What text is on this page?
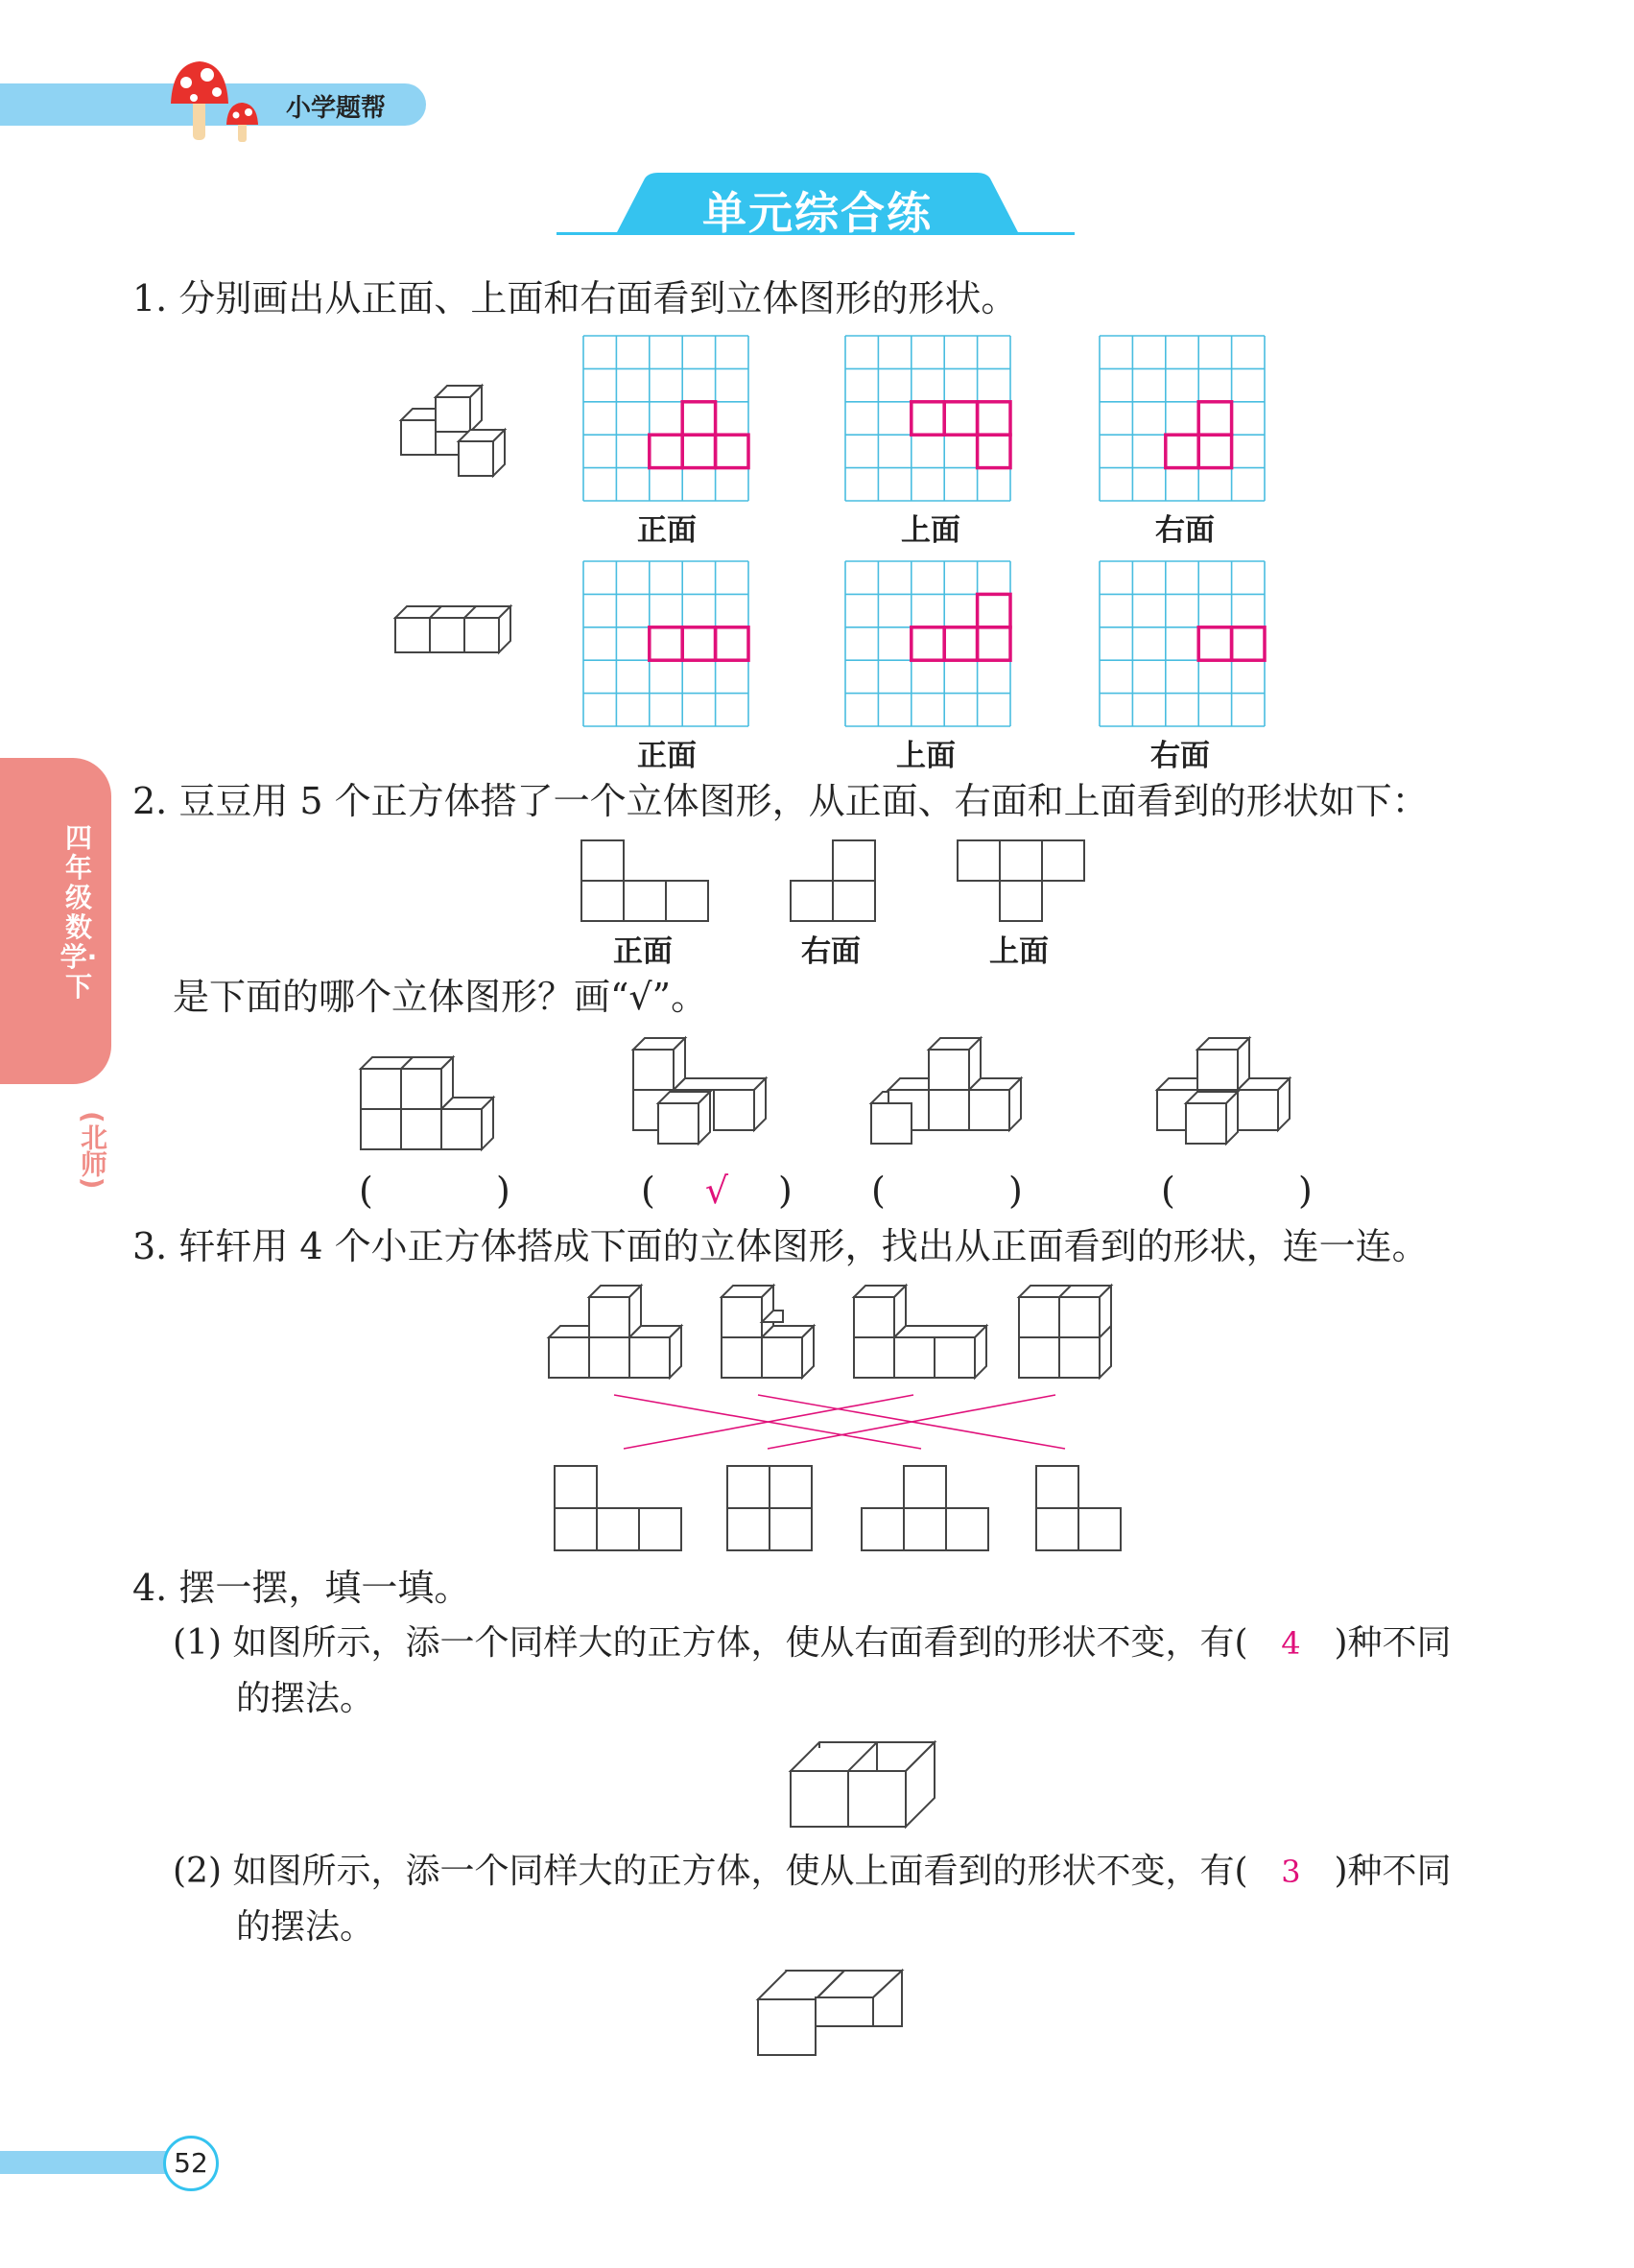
小学题帮
单元综合练
四年级数学·下
(北师)
1. 分别画出从正面、上面和右面看到立体图形的形状。
正面	上面	右面
正面	上面	右面
2. 豆豆用 5 个正方体搭了一个立体图形，从正面、右面和上面看到的形状如下：
正面	右面	上面
是下面的哪个立体图形？画“√”。
(	)	( √ ) (	)	(	)
3. 轩轩用 4 个小正方体搭成下面的立体图形，找出从正面看到的形状，连一连。
4. 摆一摆，填一填。
(1) 如图所示，添一个同样大的正方体，使从右面看到的形状不变，有( 4 )种不同
的摆法。
(2) 如图所示，添一个同样大的正方体，使从上面看到的形状不变，有( 3 )种不同
的摆法。
52
